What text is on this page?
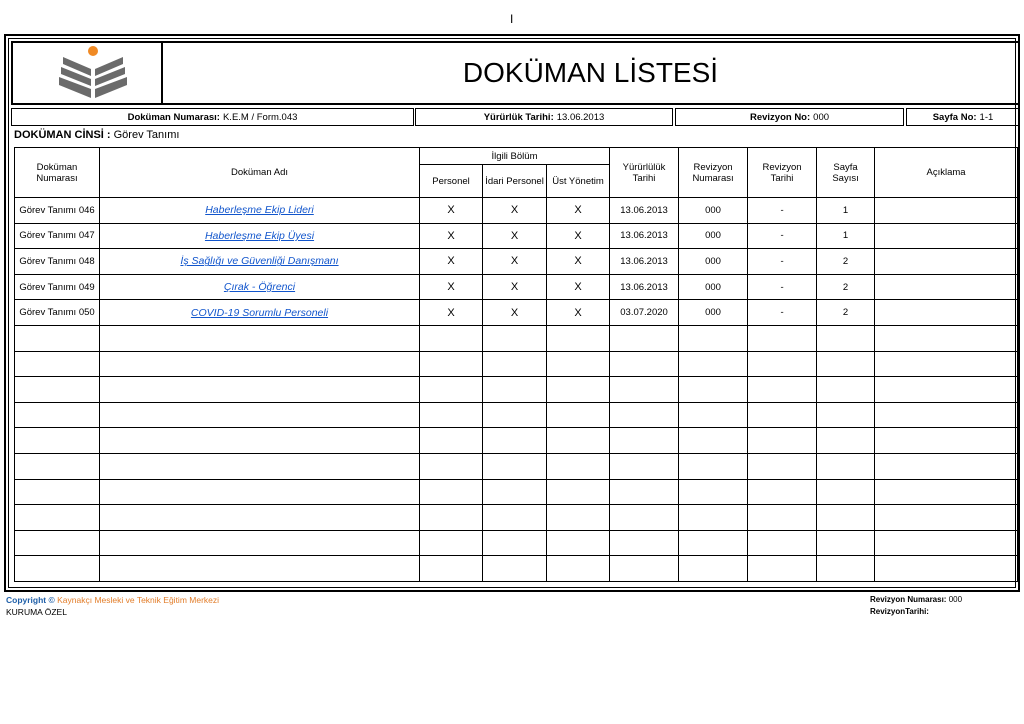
I
DOKÜMAN LİSTESİ
Doküman Numarası: K.E.M / Form.043	Yürürlük Tarihi: 13.06.2013	Revizyon No: 000	Sayfa No: 1-1
DOKÜMAN CİNSİ : Görev Tanımı
Doküman Numarası	Doküman Adı	İlgili Bölüm			Yürürlülük Tarihi	Revizyon Numarası	Revizyon Tarihi	Sayfa Sayısı	Açıklama
		Personel	İdari Personel	Üst Yönetim					
Görev Tanımı 046	Haberleşme Ekip Lideri	X	X	X	13.06.2013	000	-	1	
Görev Tanımı 047	Haberleşme Ekip Üyesi	X	X	X	13.06.2013	000	-	1	
Görev Tanımı 048	İş Sağlığı ve Güvenliği Danışmanı	X	X	X	13.06.2013	000	-	2	
Görev Tanımı 049	Çırak - Öğrenci	X	X	X	13.06.2013	000	-	2	
Görev Tanımı 050	COVID-19 Sorumlu Personeli	X	X	X	03.07.2020	000	-	2	

Copyright © Kaynakçı Mesleki ve Teknik Eğitim Merkezi
KURUMA ÖZEL
Revizyon Numarası: 000
RevizyonTarihi:
